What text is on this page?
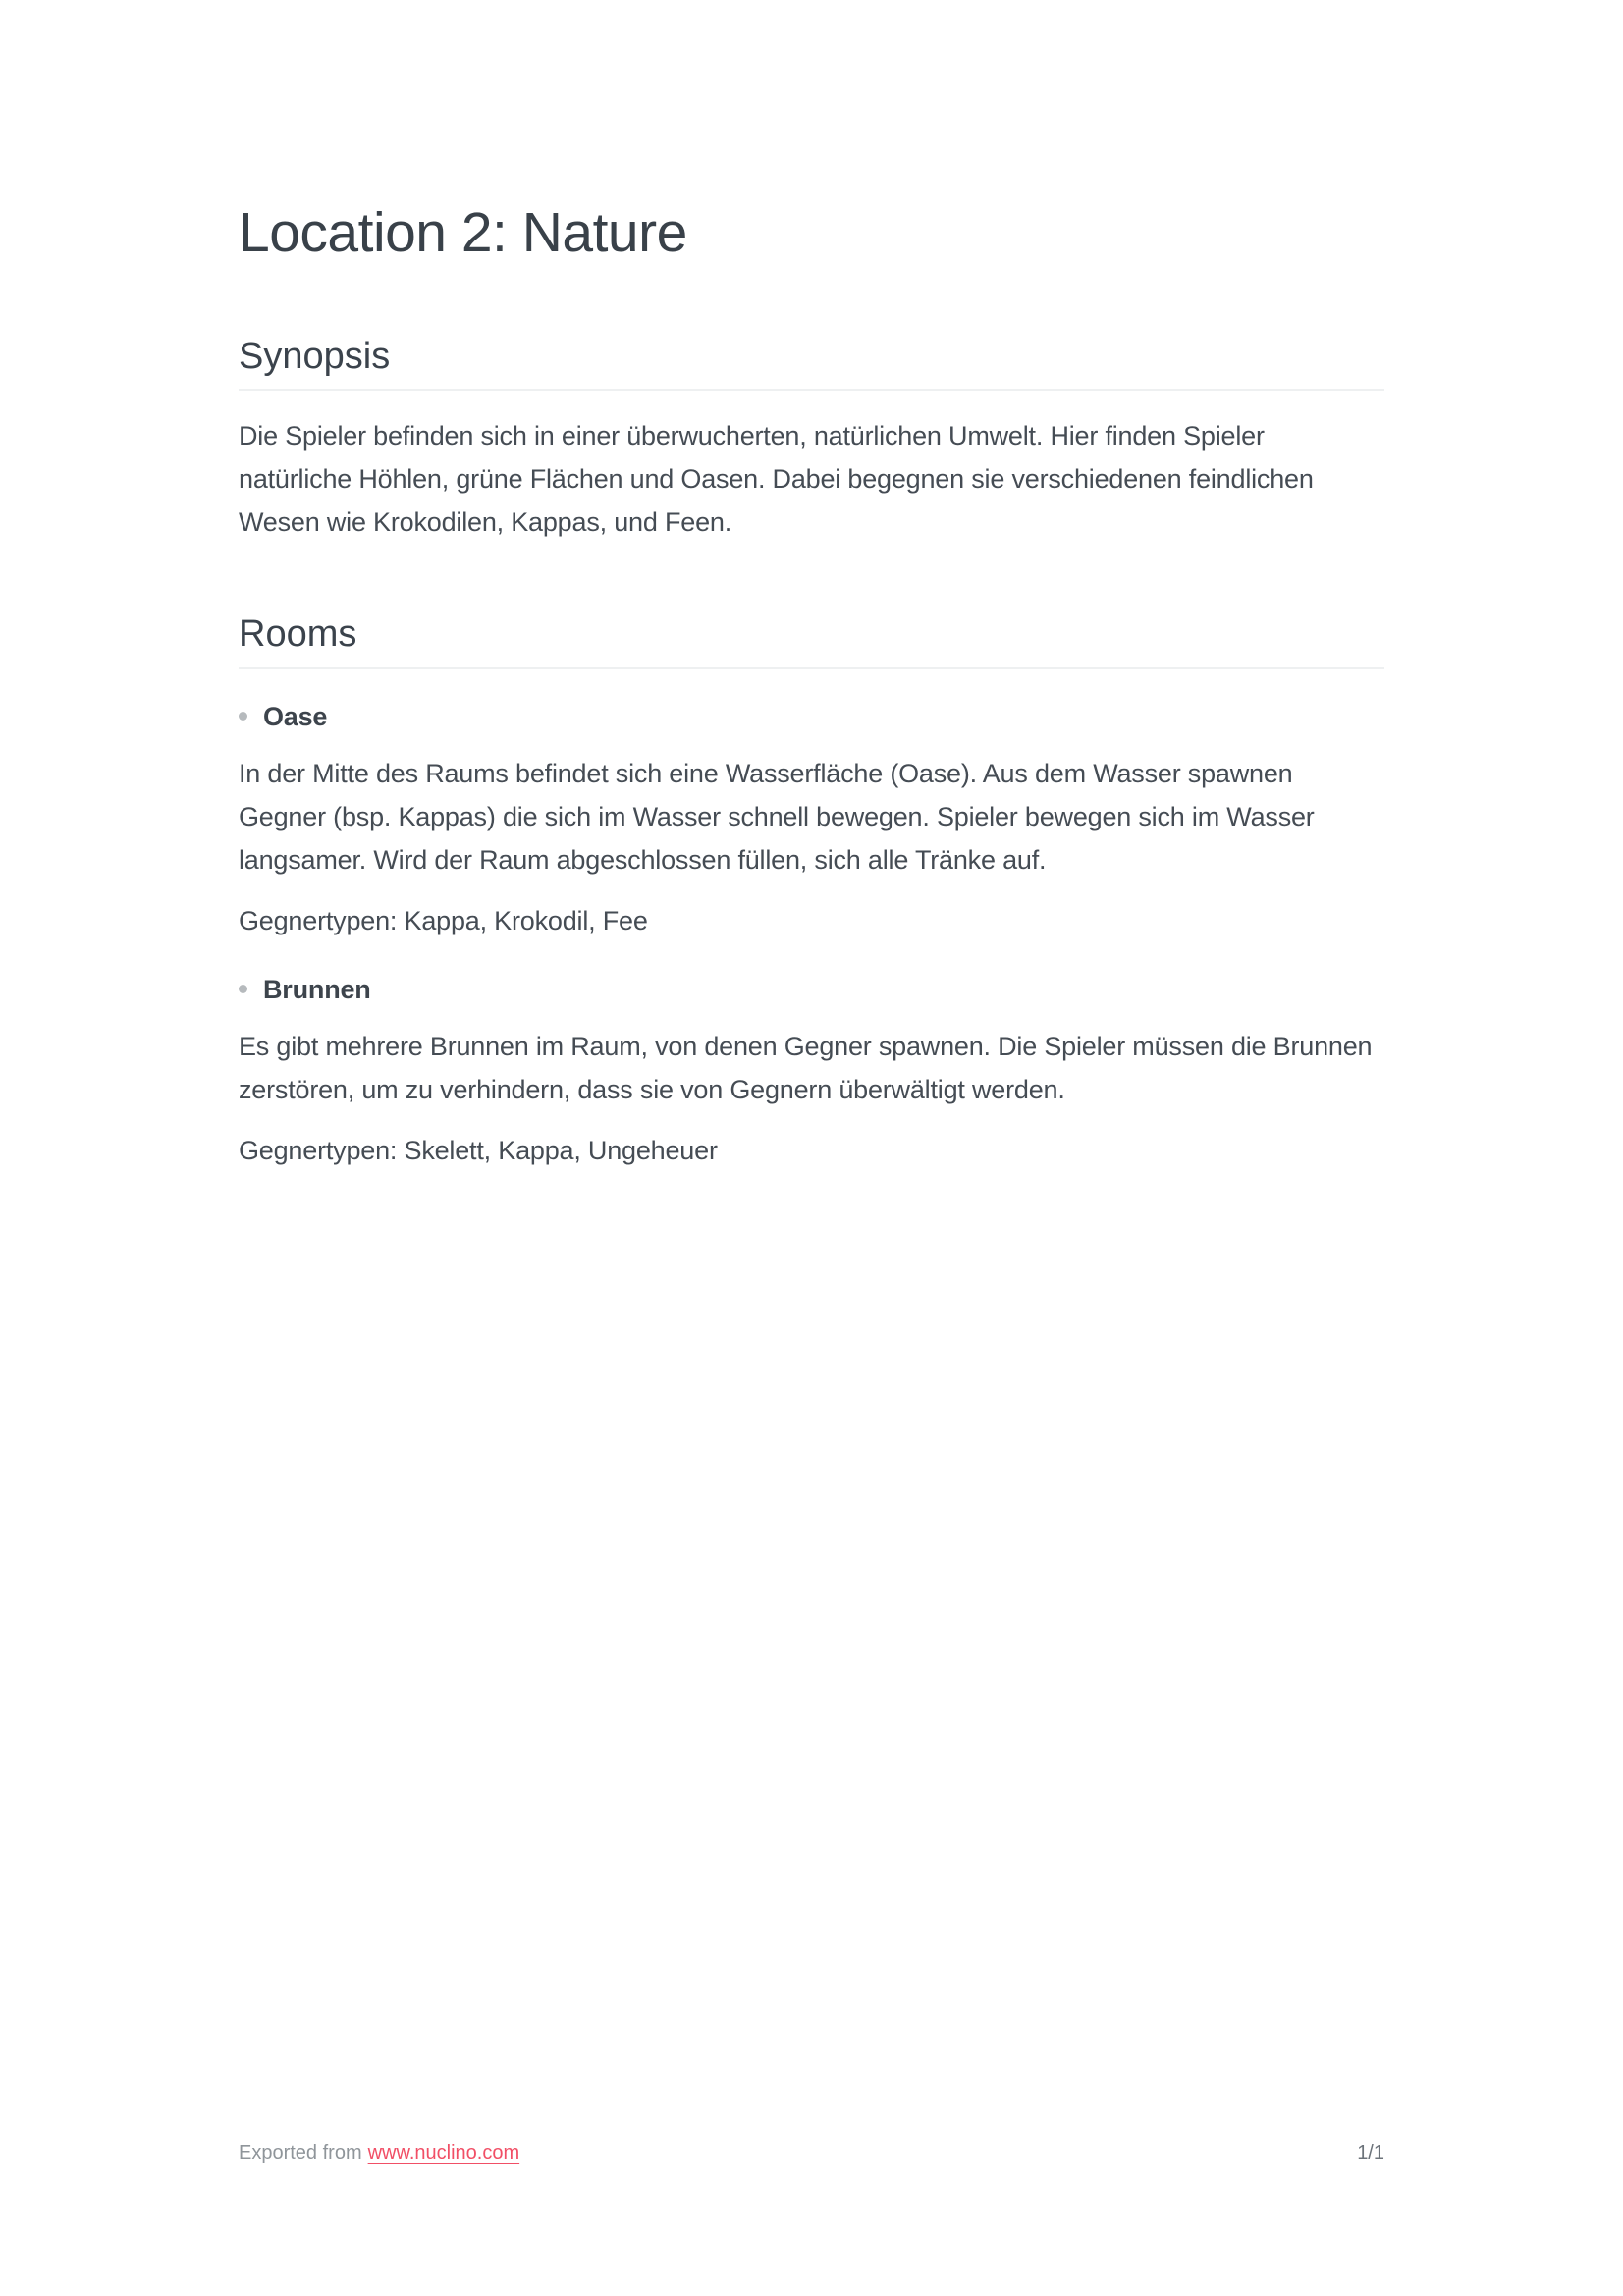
Location 2: Nature
Synopsis

Die Spieler befinden sich in einer überwucherten, natürlichen Umwelt. Hier finden Spieler natürliche Höhlen, grüne Flächen und Oasen. Dabei begegnen sie verschiedenen feindlichen Wesen wie Krokodilen, Kappas, und Feen.

Rooms
Oase

In der Mitte des Raums befindet sich eine Wasserfläche (Oase). Aus dem Wasser spawnen Gegner (bsp. Kappas) die sich im Wasser schnell bewegen. Spieler bewegen sich im Wasser langsamer. Wird der Raum abgeschlossen füllen, sich alle Tränke auf.

Gegnertypen: Kappa, Krokodil, Fee

Brunnen

Es gibt mehrere Brunnen im Raum, von denen Gegner spawnen. Die Spieler müssen die Brunnen zerstören, um zu verhindern, dass sie von Gegnern überwältigt werden.

Gegnertypen: Skelett, Kappa, Ungeheuer

Exported from www.nuclino.com	1/1
